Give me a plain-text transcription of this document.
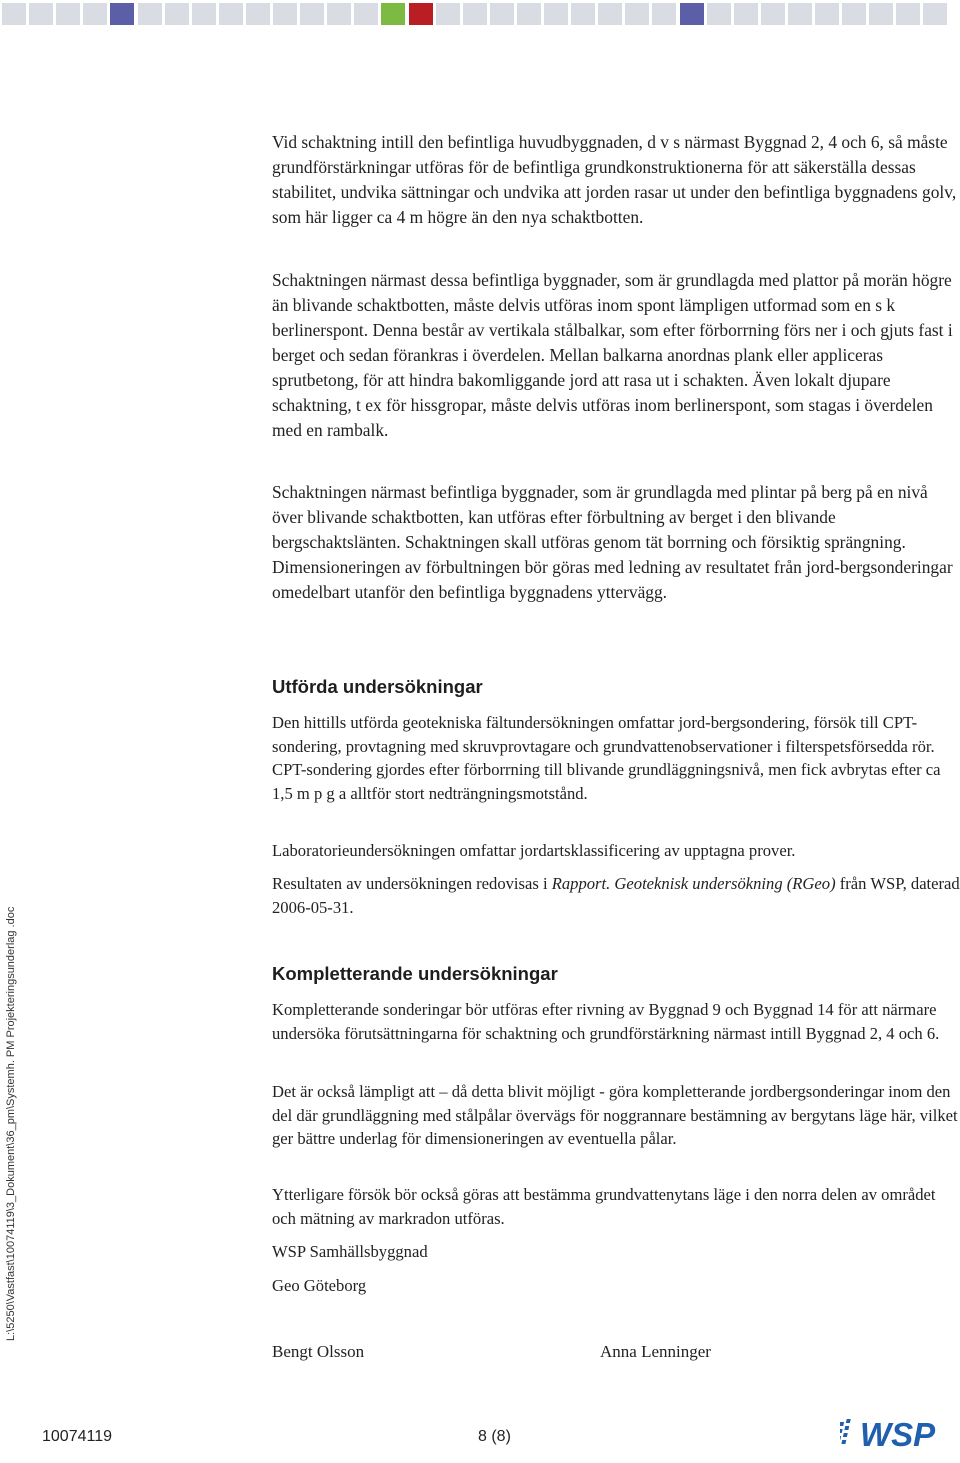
L:\5250\Vastfast\10074119\3_Dokument\36_pm\Systemh. PM Projekteringsunderlag .doc

Vid schaktning intill den befintliga huvudbyggnaden, d v s närmast Byggnad 2, 4 och 6, så måste grundförstärkningar utföras för de befintliga grundkonstruktionerna för att säkerställa dessas stabilitet, undvika sättningar och undvika att jorden rasar ut under den befintliga byggnadens golv, som här ligger ca 4 m högre än den nya schaktbotten.

Schaktningen närmast dessa befintliga byggnader, som är grundlagda med plattor på morän högre än blivande schaktbotten, måste delvis utföras inom spont lämpligen utformad som en s k berlinerspont. Denna består av vertikala stålbalkar, som efter förborrning förs ner i och gjuts fast i berget och sedan förankras i överdelen. Mellan balkarna anordnas plank eller appliceras sprutbetong, för att hindra bakomliggande jord att rasa ut i schakten. Även lokalt djupare schaktning, t ex för hissgropar, måste delvis utföras inom berlinerspont, som stagas i överdelen med en rambalk.

Schaktningen närmast befintliga byggnader, som är grundlagda med plintar på berg på en nivå över blivande schaktbotten, kan utföras efter förbultning av berget i den blivande bergschaktslänten. Schaktningen skall utföras genom tät borrning och försiktig sprängning. Dimensioneringen av förbultningen bör göras med ledning av resultatet från jord-bergsonderingar omedelbart utanför den befintliga byggnadens yttervägg.

Utförda undersökningar

Den hittills utförda geotekniska fältundersökningen omfattar jord-bergsondering, försök till CPT-sondering, provtagning med skruvprovtagare och grundvattenobservationer i filterspetsförsedda rör. CPT-sondering gjordes efter förborrning till blivande grundläggningsnivå, men fick avbrytas efter ca 1,5 m p g a alltför stort nedträngningsmotstånd.

Laboratorieundersökningen omfattar jordartsklassificering av upptagna prover.

Resultaten av undersökningen redovisas i Rapport. Geoteknisk undersökning (RGeo) från WSP, daterad 2006-05-31.

Kompletterande undersökningar

Kompletterande sonderingar bör utföras efter rivning av Byggnad 9 och Byggnad 14 för att närmare undersöka förutsättningarna för schaktning och grundförstärkning närmast intill Byggnad 2, 4 och 6.

Det är också lämpligt att – då detta blivit möjligt - göra kompletterande jordbergsonderingar inom den del där grundläggning med stålpålar övervägs för noggrannare bestämning av bergytans läge här, vilket ger bättre underlag för dimensioneringen av eventuella pålar.

Ytterligare försök bör också göras att bestämma grundvattenytans läge i den norra delen av området och mätning av markradon utföras.

WSP Samhällsbyggnad

Geo Göteborg

Bengt Olsson	Anna Lenninger
10074119	8 (8)	WSP
